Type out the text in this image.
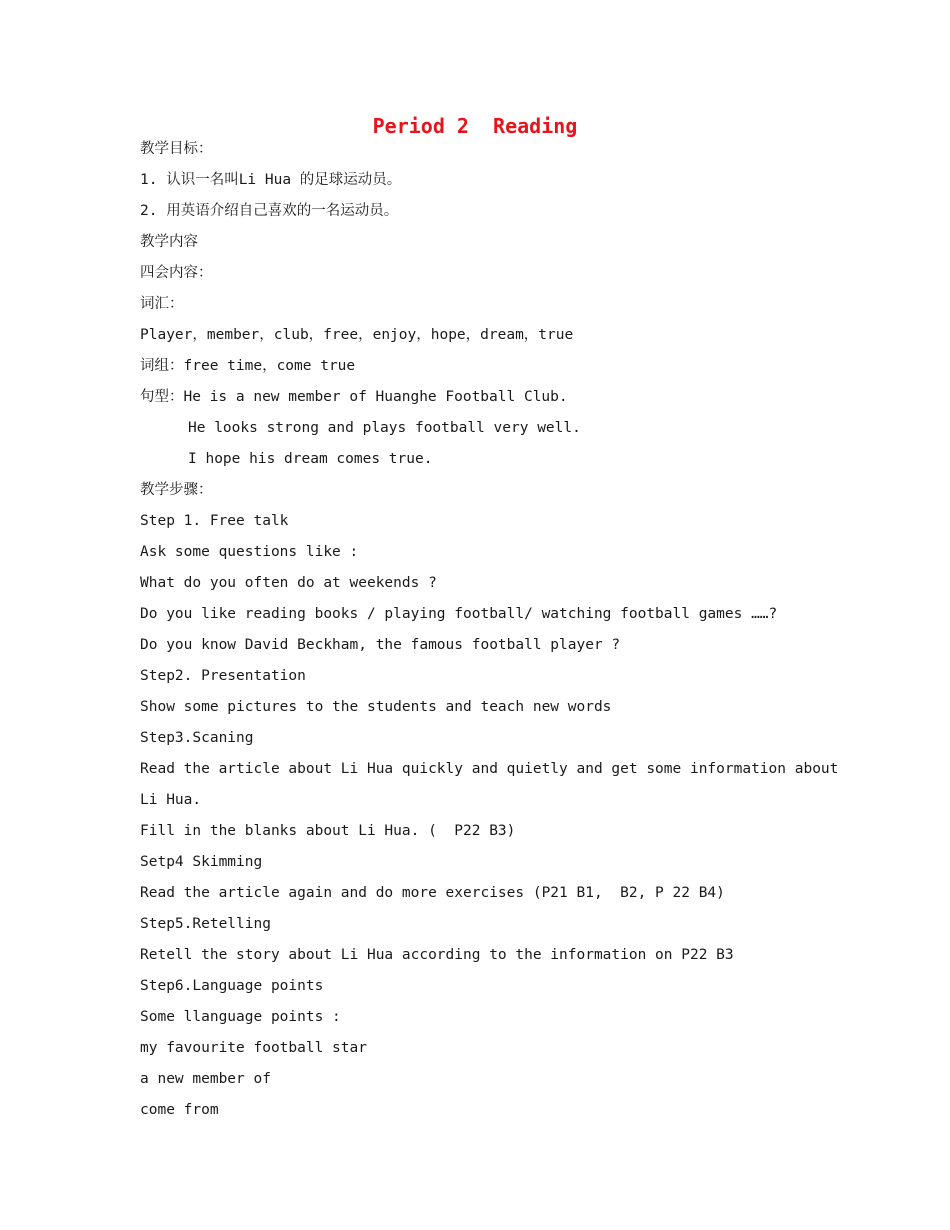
Period 2  Reading
教学目标：
1. 认识一名叫Li Hua 的足球运动员。
2. 用英语介绍自己喜欢的一名运动员。
教学内容
四会内容：
词汇：
Player，member，club，free，enjoy，hope，dream，true
词组：free time，come true
句型：He is a new member of Huanghe Football Club.
He looks strong and plays football very well.
I hope his dream comes true.
教学步骤：
Step 1. Free talk
Ask some questions like :
What do you often do at weekends ?
Do you like reading books / playing football/ watching football games ……?
Do you know David Beckham, the famous football player ?
Step2. Presentation
Show some pictures to the students and teach new words
Step3.Scaning
Read the article about Li Hua quickly and quietly and get some information about
Li Hua.
Fill in the blanks about Li Hua. (  P22 B3)
Setp4 Skimming
Read the article again and do more exercises (P21 B1,  B2, P 22 B4)
Step5.Retelling
Retell the story about Li Hua according to the information on P22 B3
Step6.Language points
Some llanguage points :
my favourite football star
a new member of
come from
